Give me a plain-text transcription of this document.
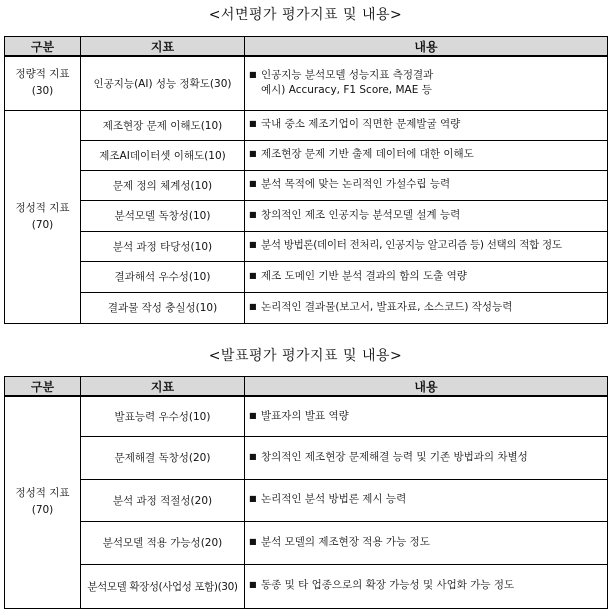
<서면평가 평가지표 및 내용>
구분	지표	내용
정량적 지표
(30)	인공지능(AI) 성능 정확도(30)	■ 인공지능 분석모델 성능지표 측정결과
예시) Accuracy, F1 Score, MAE 등
정성적 지표
(70)	제조현장 문제 이해도(10)	■ 국내 중소 제조기업이 직면한 문제발굴 역량
	제조AI데이터셋 이해도(10)	■ 제조현장 문제 기반 출제 데이터에 대한 이해도
	문제 정의 체계성(10)	■ 분석 목적에 맞는 논리적인 가설수립 능력
	분석모델 독창성(10)	■ 창의적인 제조 인공지능 분석모델 설계 능력
	분석 과정 타당성(10)	■ 분석 방법론(데이터 전처리, 인공지능 알고리즘 등) 선택의 적합 정도
	결과해석 우수성(10)	■ 제조 도메인 기반 분석 결과의 함의 도출 역량
	결과물 작성 충실성(10)	■ 논리적인 결과물(보고서, 발표자료, 소스코드) 작성능력
<발표평가 평가지표 및 내용>
구분	지표	내용
정성적 지표
(70)	발표능력 우수성(10)	■ 발표자의 발표 역량
	문제해결 독창성(20)	■ 창의적인 제조현장 문제해결 능력 및 기존 방법과의 차별성
	분석 과정 적절성(20)	■ 논리적인 분석 방법론 제시 능력
	분석모델 적용 가능성(20)	■ 분석 모델의 제조현장 적용 가능 정도
	분석모델 확장성(사업성 포함)(30)	■ 동종 및 타 업종으로의 확장 가능성 및 사업화 가능 정도
